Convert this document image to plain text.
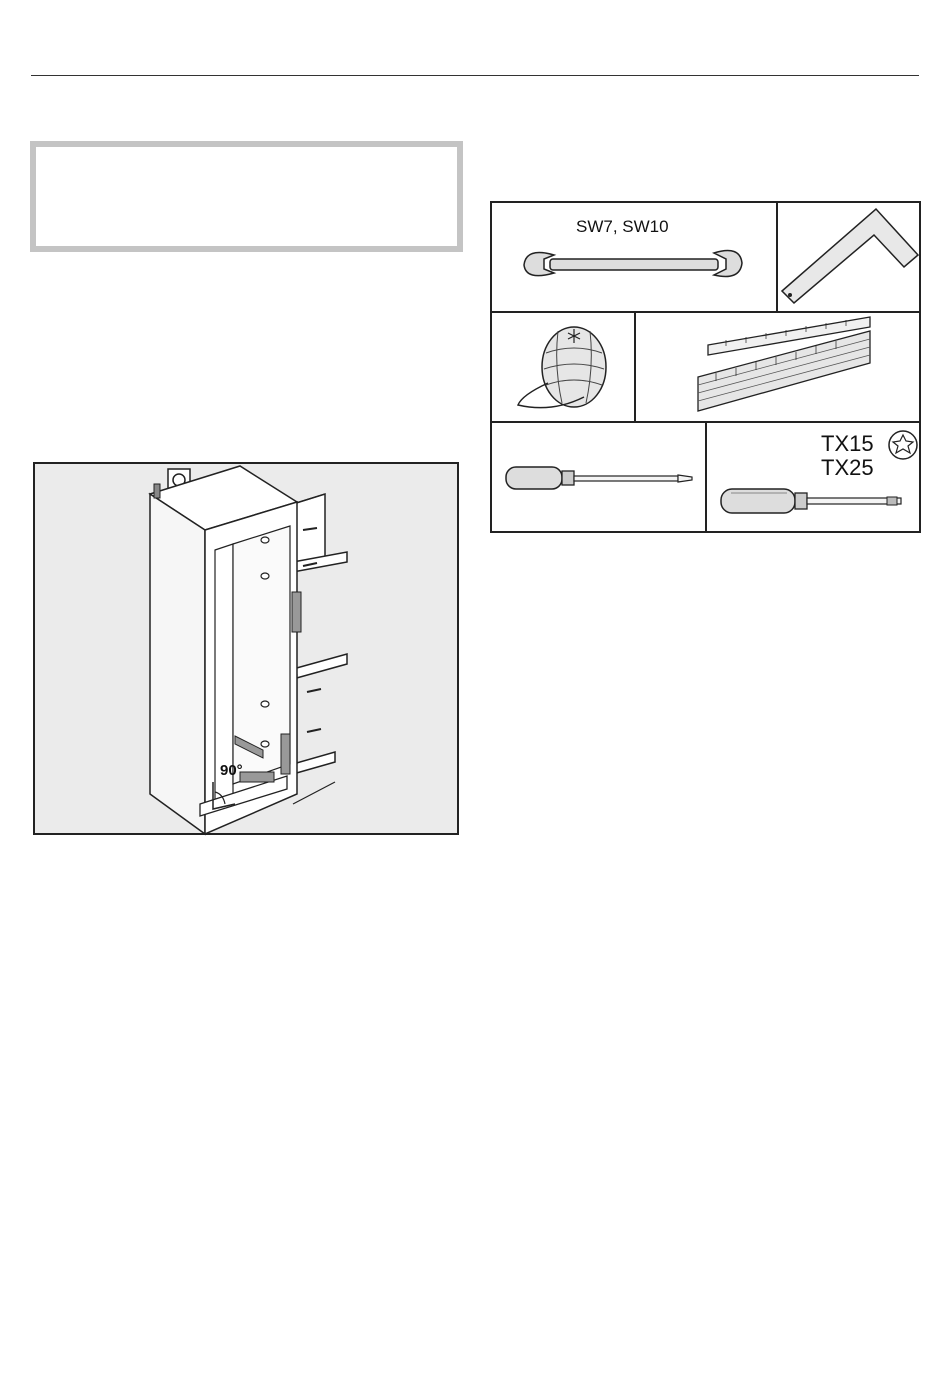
90°
SW7, SW10
TX15
TX25
